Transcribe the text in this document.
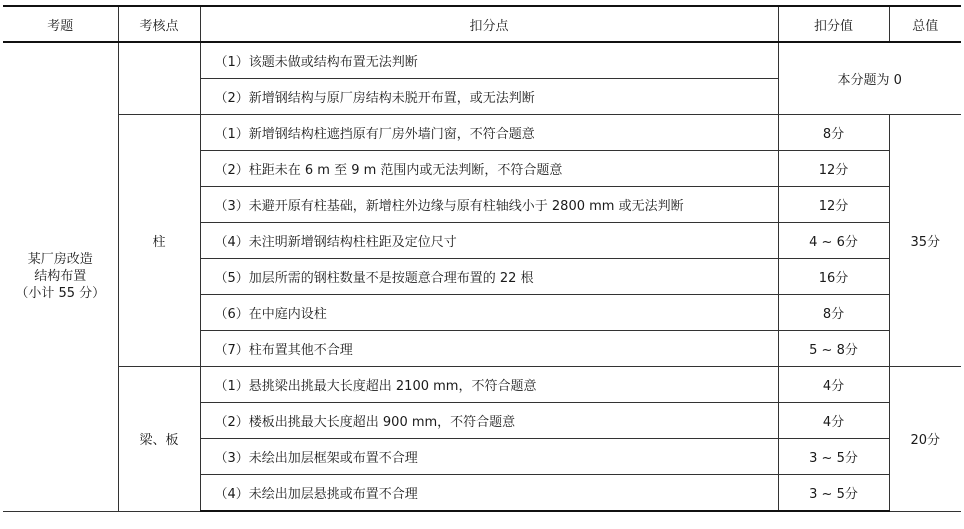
考题	考核点	扣分点	扣分值	总值

某厂房改造
结构布置
（小计 55 分）		（1）该题未做或结构布置无法判断	本分题为 0	
		（2）新增钢结构与原厂房结构未脱开布置，或无法判断		
	柱	（1）新增钢结构柱遮挡原有厂房外墙门窗，不符合题意	8分	35分
		（2）柱距未在 6 m 至 9 m 范围内或无法判断，不符合题意	12分	
		（3）未避开原有柱基础，新增柱外边缘与原有柱轴线小于 2800 mm 或无法判断	12分	
		（4）未注明新增钢结构柱柱距及定位尺寸	4 ~ 6分	
		（5）加层所需的钢柱数量不是按题意合理布置的 22 根	16分	
		（6）在中庭内设柱	8分	
		（7）柱布置其他不合理	5 ~ 8分	
	梁、板	（1）悬挑梁出挑最大长度超出 2100 mm，不符合题意	4分	20分
		（2）楼板出挑最大长度超出 900 mm，不符合题意	4分	
		（3）未绘出加层框架或布置不合理	3 ~ 5分	
		（4）未绘出加层悬挑或布置不合理	3 ~ 5分	
